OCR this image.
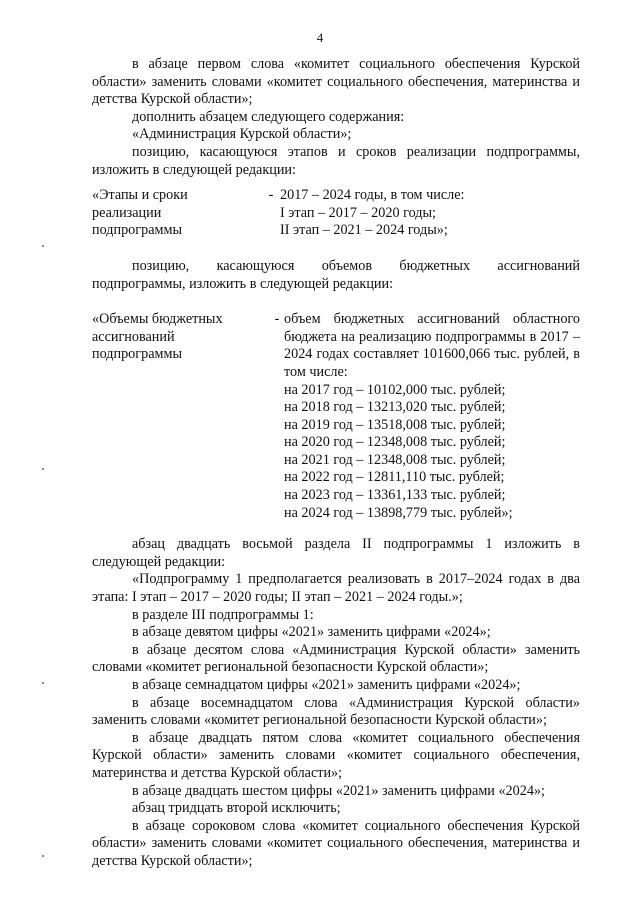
4

в абзаце первом слова «комитет социального обеспечения Курской области» заменить словами «комитет социального обеспечения, материнства и детства Курской области»;

дополнить абзацем следующего содержания:

«Администрация Курской области»;

позицию, касающуюся этапов и сроков реализации подпрограммы, изложить в следующей редакции:

«Этапы и сроки
реализации
подпрограммы
- 2017 – 2024 годы, в том числе:
I этап – 2017 – 2020 годы;
II этап – 2021 – 2024 годы»;

позицию, касающуюся объемов бюджетных ассигнований подпрограммы, изложить в следующей редакции:

«Объемы бюджетных
ассигнований
подпрограммы
- объем бюджетных ассигнований областного бюджета на реализацию подпрограммы в 2017 – 2024 годах составляет 101600,066 тыс. рублей, в том числе:
на 2017 год – 10102,000 тыс. рублей;
на 2018 год – 13213,020 тыс. рублей;
на 2019 год – 13518,008 тыс. рублей;
на 2020 год – 12348,008 тыс. рублей;
на 2021 год – 12348,008 тыс. рублей;
на 2022 год – 12811,110 тыс. рублей;
на 2023 год – 13361,133 тыс. рублей;
на 2024 год – 13898,779 тыс. рублей»;

абзац двадцать восьмой раздела II подпрограммы 1 изложить в следующей редакции:

«Подпрограмму 1 предполагается реализовать в 2017–2024 годах в два этапа: I этап – 2017 – 2020 годы; II этап – 2021 – 2024 годы.»;

в разделе III подпрограммы 1:

в абзаце девятом цифры «2021» заменить цифрами «2024»;

в абзаце десятом слова «Администрация Курской области» заменить словами «комитет региональной безопасности Курской области»;

в абзаце семнадцатом цифры «2021» заменить цифрами «2024»;

в абзаце восемнадцатом слова «Администрация Курской области» заменить словами «комитет региональной безопасности Курской области»;

в абзаце двадцать пятом слова «комитет социального обеспечения Курской области» заменить словами «комитет социального обеспечения, материнства и детства Курской области»;

в абзаце двадцать шестом цифры «2021» заменить цифрами «2024»;

абзац тридцать второй исключить;

в абзаце сороковом слова «комитет социального обеспечения Курской области» заменить словами «комитет социального обеспечения, материнства и детства Курской области»;
